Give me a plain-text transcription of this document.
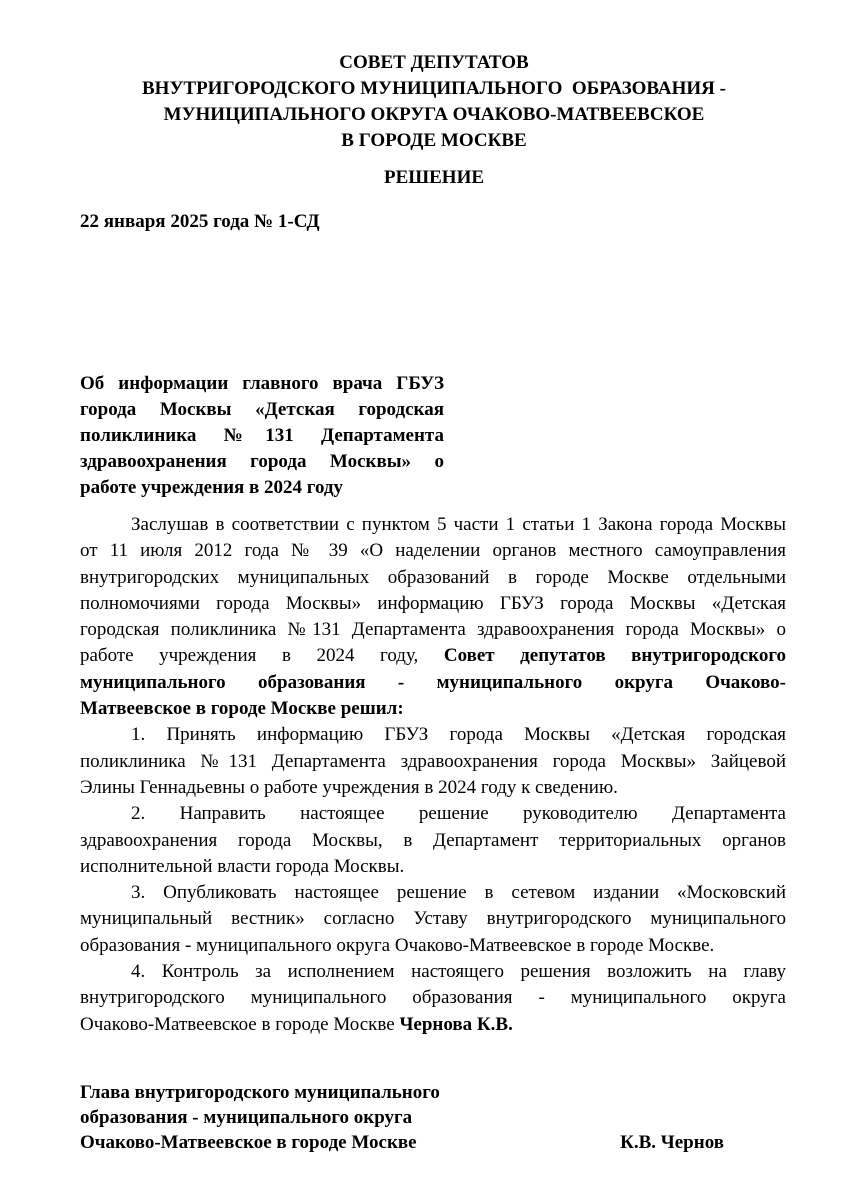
СОВЕТ ДЕПУТАТОВ
ВНУТРИГОРОДСКОГО МУНИЦИПАЛЬНОГО  ОБРАЗОВАНИЯ -
МУНИЦИПАЛЬНОГО ОКРУГА ОЧАКОВО-МАТВЕЕВСКОЕ
В ГОРОДЕ МОСКВЕ
РЕШЕНИЕ
22 января 2025 года № 1-СД
Об информации главного врача ГБУЗ
города Москвы «Детская городская
поликлиника №131 Департамента
здравоохранения города Москвы» о
работе учреждения в 2024 году
Заслушав в соответствии с пунктом 5 части 1 статьи 1 Закона города Москвы
от 11 июля 2012 года № 39 «О наделении органов местного самоуправления
внутригородских муниципальных образований в городе Москве отдельными
полномочиями города Москвы» информацию ГБУЗ города Москвы «Детская
городская поликлиника №131 Департамента здравоохранения города Москвы» о
работе учреждения в 2024 году, Совет депутатов внутригородского
муниципального образования - муниципального округа Очаково-
Матвеевское в городе Москве решил:
1. Принять информацию ГБУЗ города Москвы «Детская городская
поликлиника №131 Департамента здравоохранения города Москвы» Зайцевой
Элины Геннадьевны о работе учреждения в 2024 году к сведению.
2. Направить настоящее решение руководителю Департамента
здравоохранения города Москвы, в Департамент территориальных органов
исполнительной власти города Москвы.
3. Опубликовать настоящее решение в сетевом издании «Московский
муниципальный вестник» согласно Уставу внутригородского муниципального
образования - муниципального округа Очаково-Матвеевское в городе Москве.
4. Контроль за исполнением настоящего решения возложить на главу
внутригородского муниципального образования - муниципального округа
Очаково-Матвеевское в городе Москве Чернова К.В.
Глава внутригородского муниципального
образования - муниципального округа
Очаково-Матвеевское в городе Москве	К.В. Чернов
